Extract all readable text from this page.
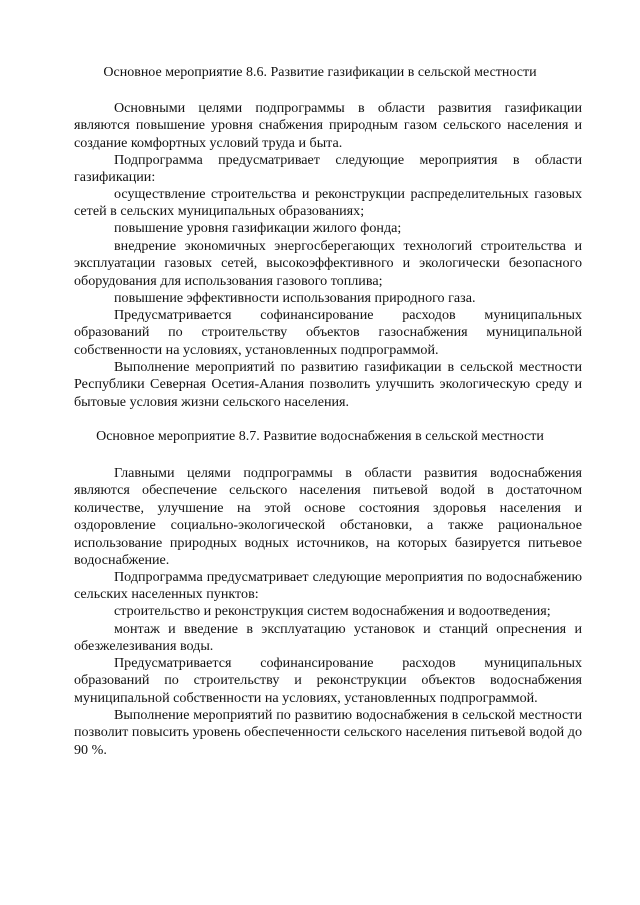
Основное мероприятие 8.6. Развитие газификации в сельской местности

Основными целями подпрограммы в области развития газификации являются повышение уровня снабжения природным газом сельского населения и создание комфортных условий труда и быта.

Подпрограмма предусматривает следующие мероприятия в области газификации:

осуществление строительства и реконструкции распределительных газовых сетей в сельских муниципальных образованиях;

повышение уровня газификации жилого фонда;

внедрение экономичных энергосберегающих технологий строительства и эксплуатации газовых сетей, высокоэффективного и экологически безопасного оборудования для использования газового топлива;

повышение эффективности использования природного газа.

Предусматривается софинансирование расходов муниципальных образований по строительству объектов газоснабжения муниципальной собственности на условиях, установленных подпрограммой.

Выполнение мероприятий по развитию газификации в сельской местности Республики Северная Осетия-Алания позволить улучшить экологическую среду и бытовые условия жизни сельского населения.

Основное мероприятие 8.7. Развитие водоснабжения в сельской местности

Главными целями подпрограммы в области развития водоснабжения являются обеспечение сельского населения питьевой водой в достаточном количестве, улучшение на этой основе состояния здоровья населения и оздоровление социально-экологической обстановки, а также рациональное использование природных водных источников, на которых базируется питьевое водоснабжение.

Подпрограмма предусматривает следующие мероприятия по водоснабжению сельских населенных пунктов:

строительство и реконструкция систем водоснабжения и водоотведения;

монтаж и введение в эксплуатацию установок и станций опреснения и обезжелезивания воды.

Предусматривается софинансирование расходов муниципальных образований по строительству и реконструкции объектов водоснабжения муниципальной собственности на условиях, установленных подпрограммой.

Выполнение мероприятий по развитию водоснабжения в сельской местности позволит повысить уровень обеспеченности сельского населения питьевой водой до 90 %.
